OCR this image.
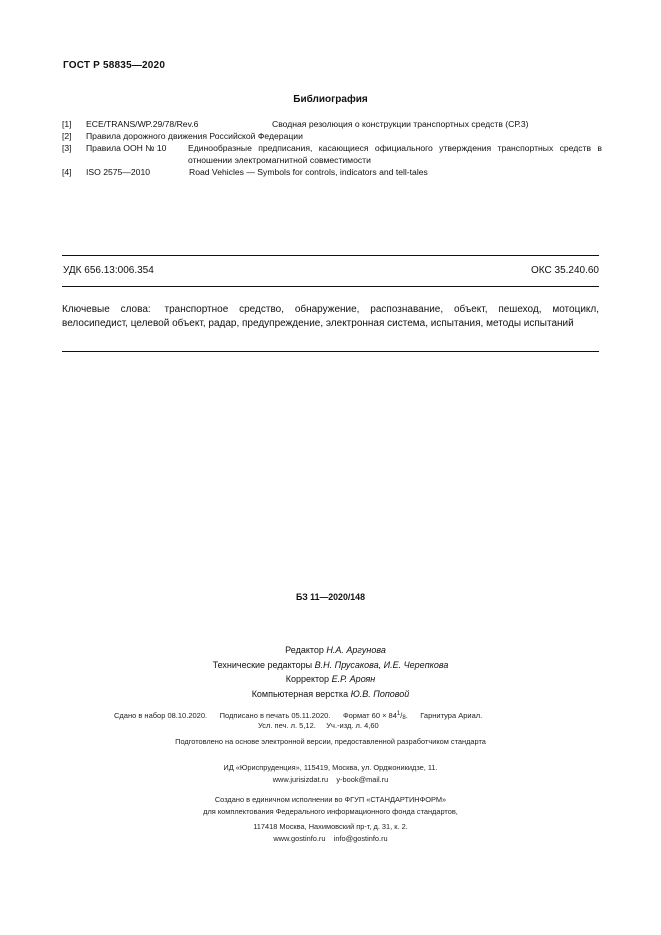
ГОСТ Р 58835—2020
Библиография
[1] ECE/TRANS/WP.29/78/Rev.6	Сводная резолюция о конструкции транспортных средств (СР.3)
[2] Правила дорожного движения Российской Федерации
[3] Правила ООН № 10	Единообразные предписания, касающиеся официального утверждения транспортных средств в отношении электромагнитной совместимости
[4] ISO 2575—2010	Road Vehicles — Symbols for controls, indicators and tell-tales
УДК 656.13:006.354	ОКС 35.240.60
Ключевые слова: транспортное средство, обнаружение, распознавание, объект, пешеход, мотоцикл, велосипедист, целевой объект, радар, предупреждение, электронная система, испытания, методы испытаний
БЗ 11—2020/148
Редактор Н.А. Аргунова
Технические редакторы В.Н. Прусакова, И.Е. Черепкова
Корректор Е.Р. Ароян
Компьютерная верстка Ю.В. Поповой
Сдано в набор 08.10.2020. Подписано в печать 05.11.2020. Формат $60 \times 84^1/8$. Гарнитура Ариал.
Усл. печ. л. 5,12. Уч.-изд. л. 4,60
Подготовлено на основе электронной версии, предоставленной разработчиком стандарта
ИД «Юриспруденция», 115419, Москва, ул. Орджоникидзе, 11.
www.jurisizdat.ru y-book@mail.ru
Создано в единичном исполнении во ФГУП «СТАНДАРТИНФОРМ»
для комплектования Федерального информационного фонда стандартов,
117418 Москва, Нахимовский пр-т, д. 31, к. 2.
www.gostinfo.ru info@gostinfo.ru
